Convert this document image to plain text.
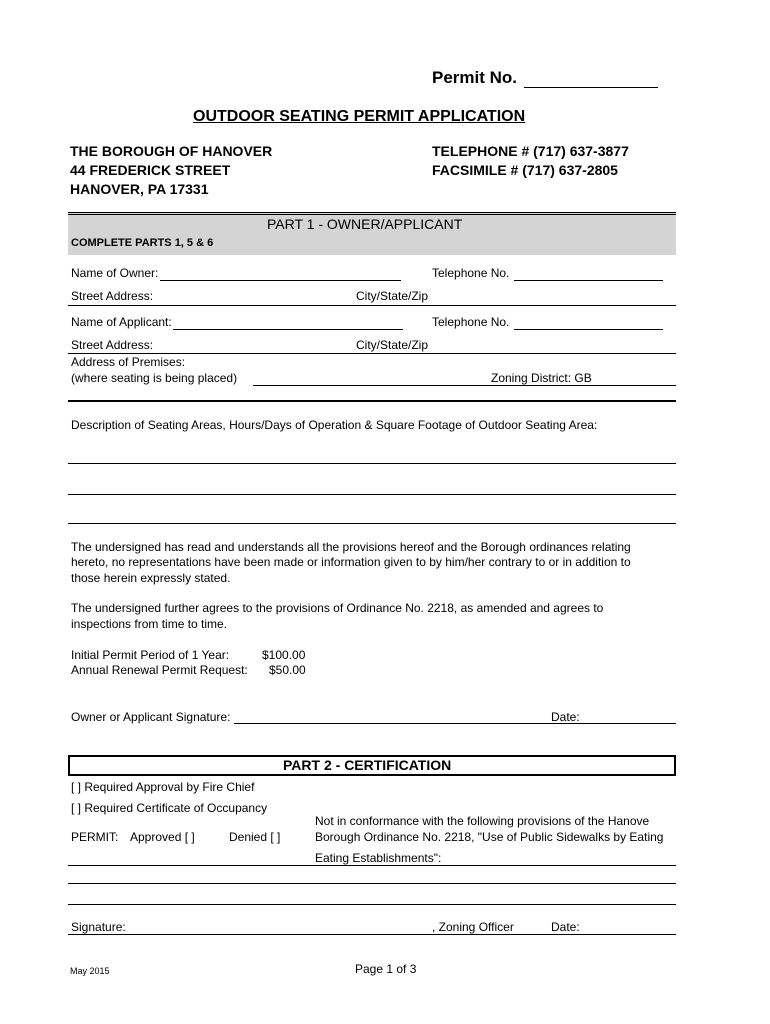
Permit No.
OUTDOOR SEATING PERMIT APPLICATION
THE BOROUGH OF HANOVER
44 FREDERICK STREET
HANOVER, PA 17331
TELEPHONE # (717) 637-3877
FACSIMILE # (717) 637-2805
PART 1 - OWNER/APPLICANT
COMPLETE PARTS 1, 5 & 6
Name of Owner:	Telephone No.
Street Address:	City/State/Zip
Name of Applicant:	Telephone No.
Street Address:	City/State/Zip
Address of Premises:
(where seating is being placed)	Zoning District: GB
Description of Seating Areas, Hours/Days of Operation & Square Footage of Outdoor Seating Area:
The undersigned has read and understands all the provisions hereof and the Borough ordinances relating
hereto, no representations have been made or information given to by him/her contrary to or in addition to
those herein expressly stated.
The undersigned further agrees to the provisions of Ordinance No. 2218, as amended and agrees to
inspections from time to time.
Initial Permit Period of 1 Year:	$100.00
Annual Renewal Permit Request: $50.00
Owner or Applicant Signature:	Date:
PART 2 - CERTIFICATION
[ ] Required Approval by Fire Chief
[ ] Required Certificate of Occupancy
Not in conformance with the following provisions of the Hanove
PERMIT: Approved [ ]	Denied [ ]	Borough Ordinance No. 2218, "Use of Public Sidewalks by Eating
Eating Establishments":
Signature:	, Zoning Officer	Date:
May 2015	Page 1 of 3
